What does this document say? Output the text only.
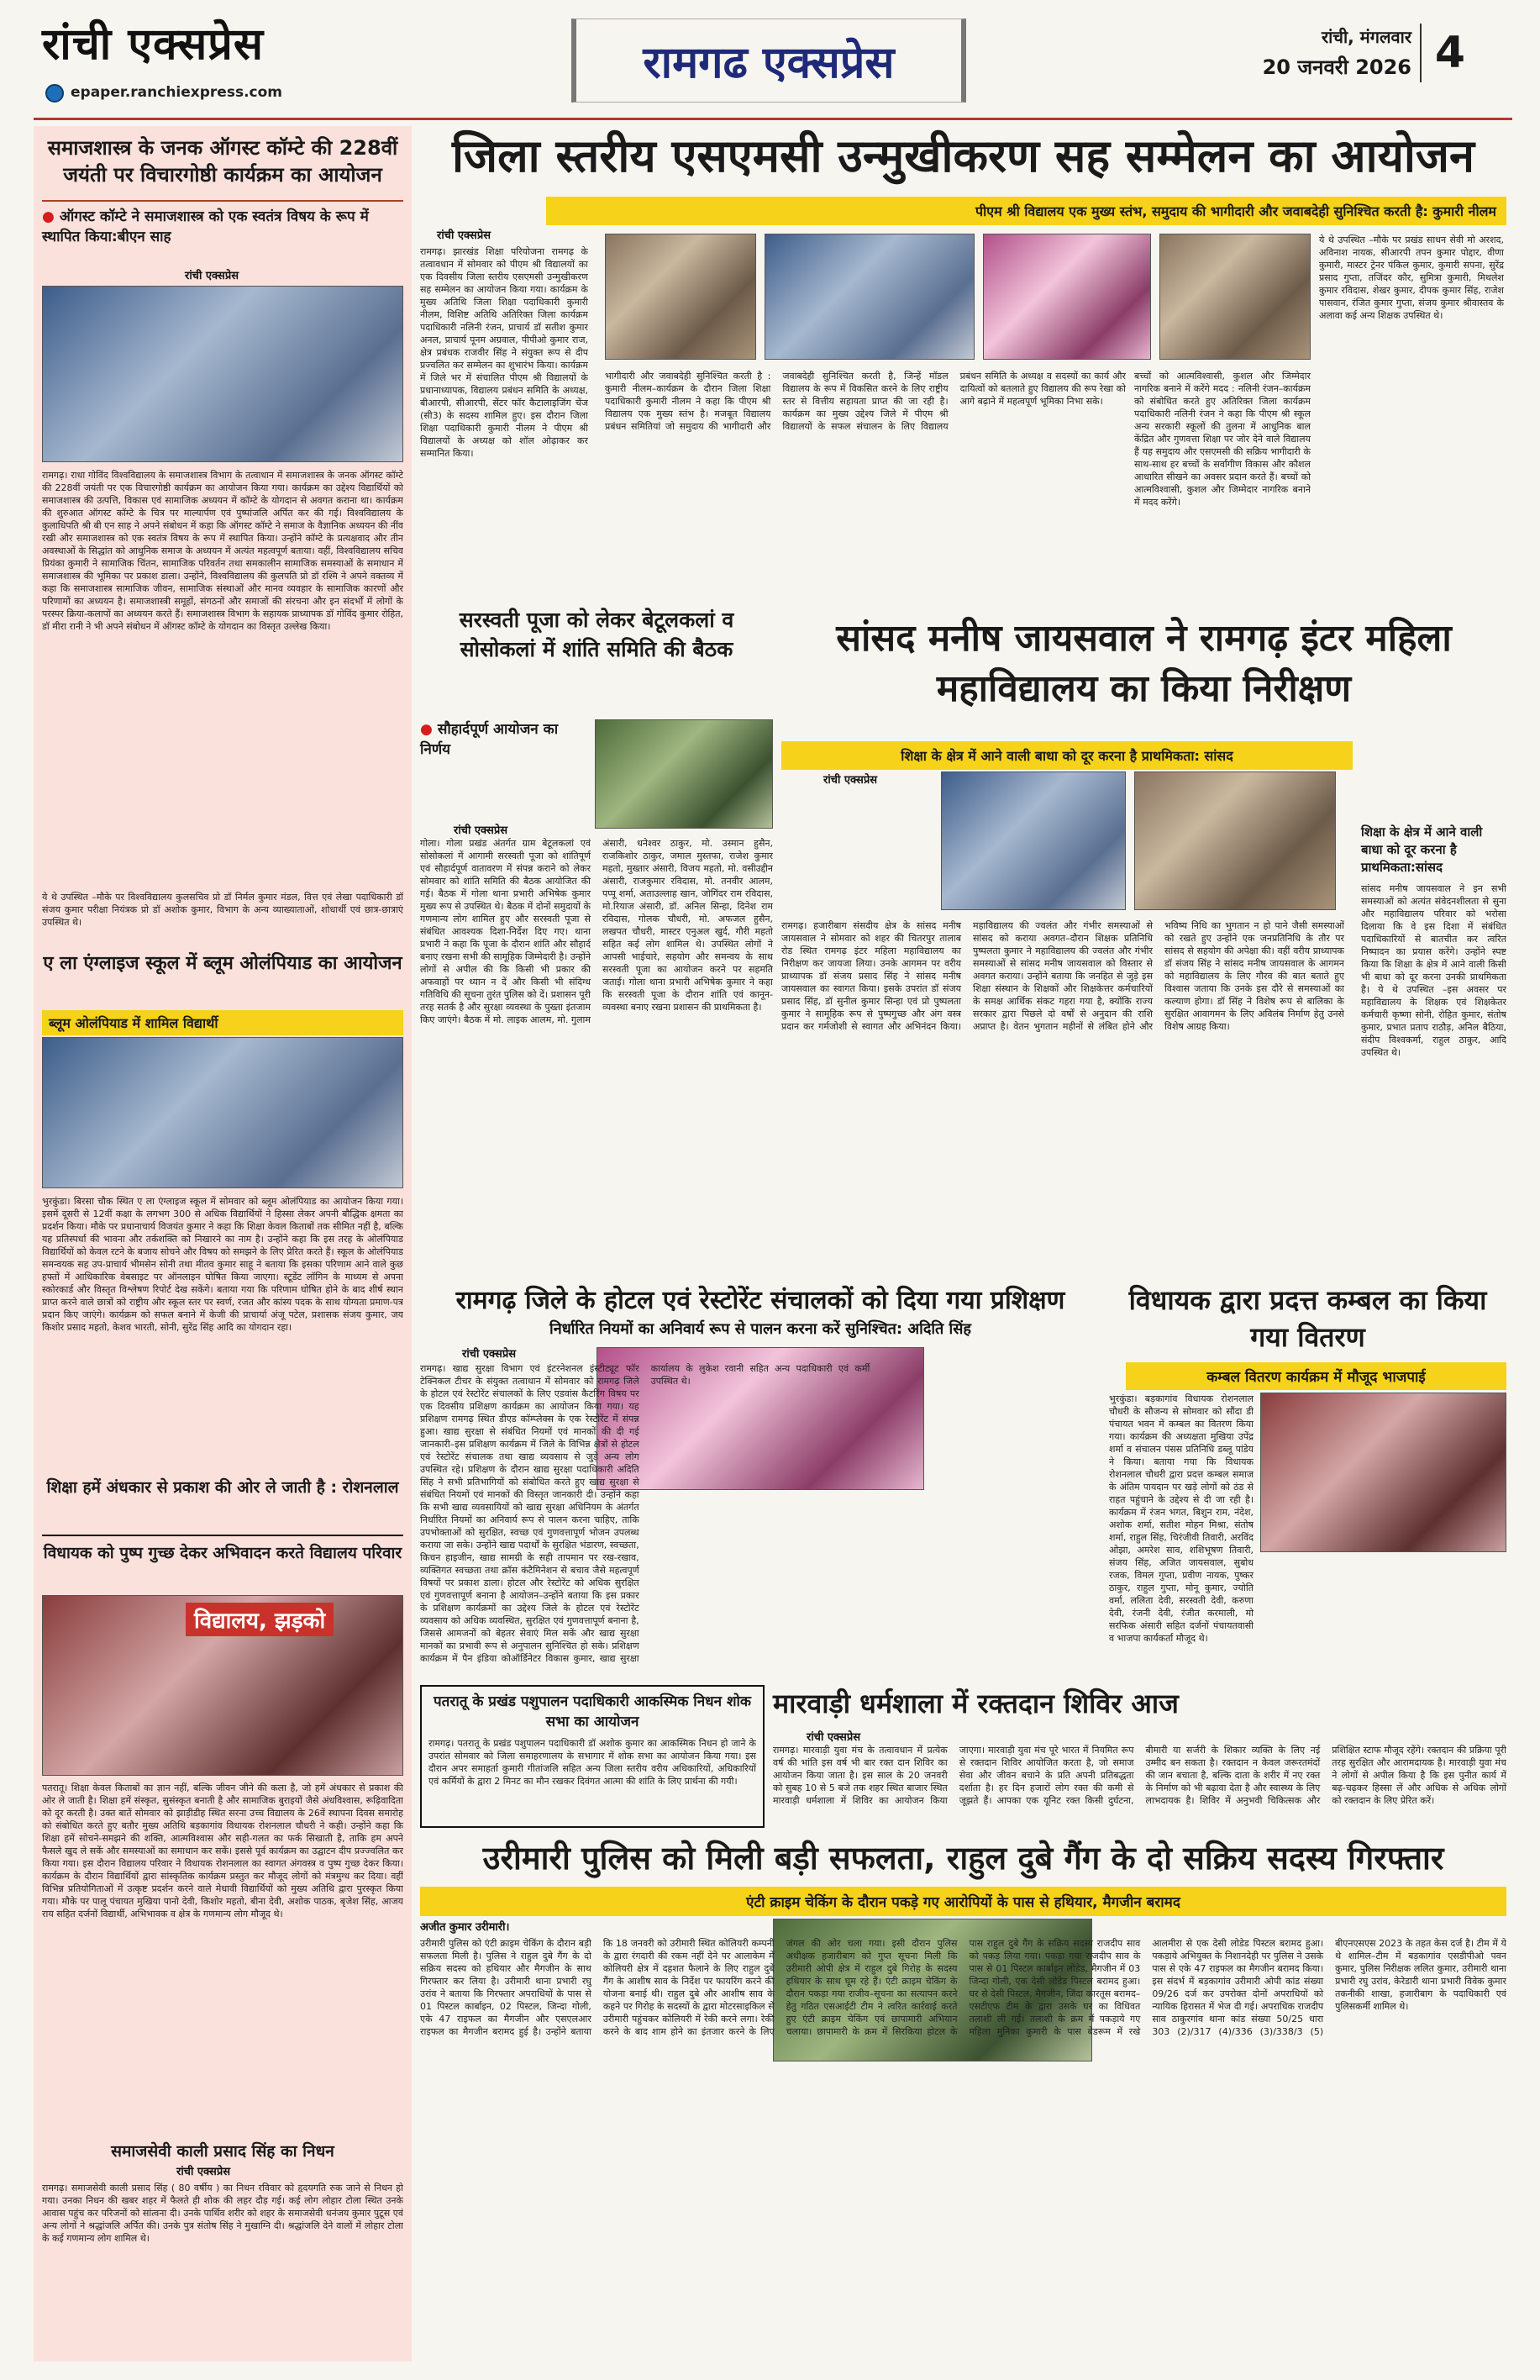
रांची एक्सप्रेस
epaper.ranchiexpress.com
रामगढ एक्सप्रेस	रांची, मंगलवार
20 जनवरी 2026 4
समाजशास्त्र के जनक ऑगस्ट कॉम्टे की 228वीं जयंती पर विचारगोष्ठी कार्यक्रम का आयोजन
● ऑगस्ट कॉम्टे ने समाजशास्त्र को एक स्वतंत्र विषय के रूप में स्थापित किया:बीएन साह
रांची एक्सप्रेस
रामगढ़। राधा गोविंद विश्वविद्यालय के समाजशास्त्र विभाग के तत्वाधान में समाजशास्त्र के जनक ऑगस्ट कॉम्टे की 228वीं जयंती पर एक विचारगोष्ठी कार्यक्रम का आयोजन किया गया। कार्यक्रम का उद्देश्य विद्यार्थियों को समाजशास्त्र की उत्पत्ति, विकास एवं सामाजिक अध्ययन में कॉम्टे के योगदान से अवगत कराना था। कार्यक्रम की शुरुआत ऑगस्ट कॉम्टे के चित्र पर माल्यार्पण एवं पुष्पांजलि अर्पित कर की गई। विश्वविद्यालय के कुलाधिपति श्री बी एन साह ने अपने संबोधन में कहा कि ऑगस्ट कॉम्टे ने समाज के वैज्ञानिक अध्ययन की नींव रखी और समाजशास्त्र को एक स्वतंत्र विषय के रूप में स्थापित किया। उन्होंने कॉम्टे के प्रत्यक्षवाद और तीन अवस्थाओं के सिद्धांत को आधुनिक समाज के अध्ययन में अत्यंत महत्वपूर्ण बताया। वहीं, विश्वविद्यालय सचिव प्रियंका कुमारी ने सामाजिक चिंतन, सामाजिक परिवर्तन तथा समकालीन सामाजिक समस्याओं के समाधान में समाजशास्त्र की भूमिका पर प्रकाश डाला। उन्होंने, विश्वविद्यालय की कुलपति प्रो डॉ रश्मि ने अपने वक्तव्य में कहा कि समाजशास्त्र सामाजिक जीवन, सामाजिक संस्थाओं और मानव व्यवहार के सामाजिक कारणों और परिणामों का अध्ययन है। समाजशास्त्री समूहों, संगठनों और समाजों की संरचना और इन संदर्भों में लोगों के परस्पर क्रिया-कलापों का अध्ययन करते हैं। समाजशास्त्र विभाग के सहायक प्राध्यापक डॉ गोविंद कुमार रोहित, डॉ मीरा रानी ने भी अपने संबोधन में ऑगस्ट कॉम्टे के योगदान का विस्तृत उल्लेख किया।
ये थे उपस्थित –मौके पर विश्वविद्यालय कुलसचिव प्रो डॉ निर्मल कुमार मंडल, वित्त एवं लेखा पदाधिकारी डॉ संजय कुमार परीक्षा नियंत्रक प्रो डॉ अशोक कुमार, विभाग के अन्य व्याख्याताओं, शोधार्थी एवं छात्र-छात्राएं उपस्थित थे।
ए ला एंग्लाइज स्कूल में ब्लूम ओलंपियाड का आयोजन
ब्लूम ओलंपियाड में शामिल विद्यार्थी
भुरकुंडा। बिरसा चौक स्थित ए ला एंग्लाइज स्कूल में सोमवार को ब्लूम ओलंपियाड का आयोजन किया गया। इसमें दूसरी से 12वीं कक्षा के लगभग 300 से अधिक विद्यार्थियों ने हिस्सा लेकर अपनी बौद्धिक क्षमता का प्रदर्शन किया। मौके पर प्रधानाचार्य विजयंत कुमार ने कहा कि शिक्षा केवल किताबों तक सीमित नहीं है, बल्कि यह प्रतिस्पर्धा की भावना और तर्कशक्ति को निखारने का नाम है। उन्होंने कहा कि इस तरह के ओलंपियाड विद्यार्थियों को केवल रटने के बजाय सोचने और विषय को समझने के लिए प्रेरित करते हैं। स्कूल के ओलंपियाड समन्वयक सह उप-प्राचार्य भीमसेन सोनी तथा मीतव कुमार साहू ने बताया कि इसका परिणाम आने वाले कुछ हफ्तों में आधिकारिक वेबसाइट पर ऑनलाइन घोषित किया जाएगा। स्टूडेंट लॉगिन के माध्यम से अपना स्कोरकार्ड और विस्तृत विश्लेषण रिपोर्ट देख सकेंगे। बताया गया कि परिणाम घोषित होने के बाद शीर्ष स्थान प्राप्त करने वाले छात्रों को राष्ट्रीय और स्कूल स्तर पर स्वर्ण, रजत और कांस्य पदक के साथ योग्यता प्रमाण-पत्र प्रदान किए जाएंगे। कार्यक्रम को सफल बनाने में केजी की प्राचार्या अंजू पटेल, प्रशासक संजय कुमार, जय किशोर प्रसाद महतो, केशव भारती, सोनी, सुरेंद्र सिंह आदि का योगदान रहा।
शिक्षा हमें अंधकार से प्रकाश की ओर ले जाती है : रोशनलाल
विधायक को पुष्प गुच्छ देकर अभिवादन करते विद्यालय परिवार
विद्यालय, झड़को
पतरातू। शिक्षा केवल किताबों का ज्ञान नहीं, बल्कि जीवन जीने की कला है, जो हमें अंधकार से प्रकाश की ओर ले जाती है। शिक्षा हमें संस्कृत, सुसंस्कृत बनाती है और सामाजिक बुराइयों जैसे अंधविश्वास, रूढ़िवादिता को दूर करती है। उक्त बातें सोमवार को झाड़ीडीह स्थित सरना उच्च विद्यालय के 26वें स्थापना दिवस समारोह को संबोधित करते हुए बतौर मुख्य अतिथि बड़कागांव विधायक रोशनलाल चौधरी ने कही। उन्होंने कहा कि शिक्षा हमें सोचने-समझने की शक्ति, आत्मविश्वास और सही-गलत का फर्क सिखाती है, ताकि हम अपने फैसले खुद ले सकें और समस्याओं का समाधान कर सकें। इससे पूर्व कार्यक्रम का उद्घाटन दीप प्रज्ज्वलित कर किया गया। इस दौरान विद्यालय परिवार ने विधायक रोशनलाल का स्वागत अंगवस्त्र व पुष्प गुच्छ देकर किया। कार्यक्रम के दौरान विद्यार्थियों द्वारा सांस्कृतिक कार्यक्रम प्रस्तुत कर मौजूद लोगों को मंत्रमुग्ध कर दिया। वहीं विभिन्न प्रतियोगिताओं में उत्कृष्ट प्रदर्शन करने वाले मेधावी विद्यार्थियों को मुख्य अतिथि द्वारा पुरस्कृत किया गया। मौके पर पालू पंचायत मुखिया पानो देवी, किशोर महतो, बीना देवी, अशोक पाठक, बृजेश सिंह, आजय राय सहित दर्जनों विद्यार्थी, अभिभावक व क्षेत्र के गणमान्य लोग मौजूद थे।
समाजसेवी काली प्रसाद सिंह का निधन
रांची एक्सप्रेस
रामगढ़। समाजसेवी काली प्रसाद सिंह ( 80 वर्षीय ) का निधन रविवार को हृदयगति रुक जाने से निधन हो गया। उनका निधन की खबर शहर में फैलते ही शोक की लहर दौड़ गई। कई लोग लोहार टोला स्थित उनके आवास पहुंच कर परिजनों को सांत्वना दी। उनके पार्थिव शरीर को शहर के समाजसेवी धनंजय कुमार पुटूस एवं अन्य लोगों ने श्रद्धांजलि अर्पित की। उनके पुत्र संतोष सिंह ने मुखाग्नि दी। श्रद्धांजलि देने वालों में लोहार टोला के कई गणमान्य लोग शामिल थे।
जिला स्तरीय एसएमसी उन्मुखीकरण सह सम्मेलन का आयोजन
पीएम श्री विद्यालय एक मुख्य स्तंभ, समुदाय की भागीदारी और जवाबदेही सुनिश्चित करती है: कुमारी नीलम
रांची एक्सप्रेस
रामगढ़। झारखंड शिक्षा परियोजना रामगढ़ के तत्वावधान में सोमवार को पीएम श्री विद्यालयों का एक दिवसीय जिला स्तरीय एसएमसी उन्मुखीकरण सह सम्मेलन का आयोजन किया गया। कार्यक्रम के मुख्य अतिथि जिला शिक्षा पदाधिकारी कुमारी नीलम, विशिष्ट अतिथि अतिरिक्त जिला कार्यक्रम पदाधिकारी नलिनी रंजन, प्राचार्य डॉ सतीश कुमार अनल, प्राचार्य पूनम अग्रवाल, पीपीओ कुमार राज, क्षेत्र प्रबंधक राजवीर सिंह ने संयुक्त रूप से दीप प्रज्वलित कर सम्मेलन का शुभारंभ किया। कार्यक्रम में जिले भर में संचालित पीएम श्री विद्यालयों के प्रधानाध्यापक, विद्यालय प्रबंधन समिति के अध्यक्ष, बीआरपी, सीआरपी, सेंटर फॉर कैटालाइजिंग चेंज (सी3) के सदस्य शामिल हुए। इस दौरान जिला शिक्षा पदाधिकारी कुमारी नीलम ने पीएम श्री विद्यालयों के अध्यक्ष को शॉल ओढ़ाकर कर सम्मानित किया।
भागीदारी और जवाबदेही सुनिश्चित करती है : कुमारी नीलम–कार्यक्रम के दौरान जिला शिक्षा पदाधिकारी कुमारी नीलम ने कहा कि पीएम श्री विद्यालय एक मुख्य स्तंभ है। मजबूत विद्यालय प्रबंधन समितियां जो समुदाय की भागीदारी और जवाबदेही सुनिश्चित करती है, जिन्हें मॉडल विद्यालय के रूप में विकसित करने के लिए राष्ट्रीय स्तर से वित्तीय सहायता प्राप्त की जा रही है। कार्यक्रम का मुख्य उद्देश्य जिले में पीएम श्री विद्यालयों के सफल संचालन के लिए विद्यालय प्रबंधन समिति के अध्यक्ष व सदस्यों का कार्य और दायित्वों को बतलाते हुए विद्यालय की रूप रेखा को आगे बढ़ाने में महत्वपूर्ण भूमिका निभा सके।
बच्चों को आत्मविश्वासी, कुशल और जिम्मेदार नागरिक बनाने में करेंगे मदद : नलिनी रंजन–कार्यक्रम को संबोधित करते हुए अतिरिक्त जिला कार्यक्रम पदाधिकारी नलिनी रंजन ने कहा कि पीएम श्री स्कूल अन्य सरकारी स्कूलों की तुलना में आधुनिक बाल केंद्रित और गुणवत्ता शिक्षा पर जोर देने वाले विद्यालय हैं यह समुदाय और एसएमसी की सक्रिय भागीदारी के साथ-साथ हर बच्चों के सर्वांगीण विकास और कौशल आधारित सीखने का अवसर प्रदान करते हैं। बच्चों को आत्मविश्वासी, कुशल और जिम्मेदार नागरिक बनाने में मदद करेंगे।
ये थे उपस्थित –मौके पर प्रखंड साधन सेवी मो अरशद, अविनाश नायक, सीआरपी तपन कुमार पोद्दार, वीणा कुमारी, मास्टर ट्रेनर पंकिल कुमार, कुमारी सपना, सुरेंद्र प्रसाद गुप्ता, तजिंदर कौर, सुमित्रा कुमारी, मिथलेश कुमार रविदास, शेखर कुमार, दीपक कुमार सिंह, राजेश पासवान, रंजित कुमार गुप्ता, संजय कुमार श्रीवास्तव के अलावा कई अन्य शिक्षक उपस्थित थे।
सरस्वती पूजा को लेकर बेटूलकलां व सोसोकलां में शांति समिति की बैठक
● सौहार्दपूर्ण आयोजन का निर्णय
रांची एक्सप्रेस
गोला। गोला प्रखंड अंतर्गत ग्राम बेटूलकलां एवं सोसोकलां में आगामी सरस्वती पूजा को शांतिपूर्ण एवं सौहार्दपूर्ण वातावरण में संपन्न कराने को लेकर सोमवार को शांति समिति की बैठक आयोजित की गई। बैठक में गोला थाना प्रभारी अभिषेक कुमार मुख्य रूप से उपस्थित थे। बैठक में दोनों समुदायों के गणमान्य लोग शामिल हुए और सरस्वती पूजा से संबंधित आवश्यक दिशा-निर्देश दिए गए। थाना प्रभारी ने कहा कि पूजा के दौरान शांति और सौहार्द बनाए रखना सभी की सामूहिक जिम्मेदारी है। उन्होंने लोगों से अपील की कि किसी भी प्रकार की अफवाहों पर ध्यान न दें और किसी भी संदिग्ध गतिविधि की सूचना तुरंत पुलिस को दें। प्रशासन पूरी तरह सतर्क है और सुरक्षा व्यवस्था के पुख्ता इंतजाम किए जाएंगे। बैठक में मो. लाइक आलम, मो. गुलाम अंसारी, धनेश्वर ठाकुर, मो. उस्मान हुसैन, राजकिशोर ठाकुर, जमाल मुस्तफा, राजेश कुमार महतो, मुख्तार अंसारी, विजय महतो, मो. वसीउद्दीन अंसारी, राजकुमार रविदास, मो. तनवीर आलम, पप्पू शर्मा, अताउल्लाह खान, जोगिंदर राम रविदास, मो.रियाज अंसारी, डॉ. अनिल सिन्हा, दिनेश राम रविदास, गोलक चौधरी, मो. अफजल हुसैन, लखपत चौधरी, मास्टर एनुअल खुर्द, गौरी महतो सहित कई लोग शामिल थे। उपस्थित लोगों ने आपसी भाईचारे, सहयोग और समन्वय के साथ सरस्वती पूजा का आयोजन करने पर सहमति जताई। गोला थाना प्रभारी अभिषेक कुमार ने कहा कि सरस्वती पूजा के दौरान शांति एवं कानून-व्यवस्था बनाए रखना प्रशासन की प्राथमिकता है।
सांसद मनीष जायसवाल ने रामगढ़ इंटर महिला महाविद्यालय का किया निरीक्षण
शिक्षा के क्षेत्र में आने वाली बाधा को दूर करना है प्राथमिकता: सांसद
रांची एक्सप्रेस
रामगढ़। हजारीबाग संसदीय क्षेत्र के सांसद मनीष जायसवाल ने सोमवार को शहर की चितरपुर तालाब रोड स्थित रामगढ़ इंटर महिला महाविद्यालय का निरीक्षण कर जायजा लिया। उनके आगमन पर वरीय प्राध्यापक डॉ संजय प्रसाद सिंह ने सांसद मनीष जायसवाल का स्वागत किया। इसके उपरांत डॉ संजय प्रसाद सिंह, डॉ सुनील कुमार सिन्हा एवं प्रो पुष्पलता कुमार ने सामूहिक रूप से पुष्पगुच्छ और अंग वस्त्र प्रदान कर गर्मजोशी से स्वागत और अभिनंदन किया। महाविद्यालय की ज्वलंत और गंभीर समस्याओं से सांसद को कराया अवगत–दौरान शिक्षक प्रतिनिधि पुष्पलता कुमार ने महाविद्यालय की ज्वलंत और गंभीर समस्याओं से सांसद मनीष जायसवाल को विस्तार से अवगत कराया। उन्होंने बताया कि जनहित से जुड़े इस शिक्षा संस्थान के शिक्षकों और शिक्षकेत्तर कर्मचारियों के समक्ष आर्थिक संकट गहरा गया है, क्योंकि राज्य सरकार द्वारा पिछले दो वर्षों से अनुदान की राशि अप्राप्त है। वेतन भुगतान महीनों से लंबित होने और भविष्य निधि का भुगतान न हो पाने जैसी समस्याओं को रखते हुए उन्होंने एक जनप्रतिनिधि के तौर पर सांसद से सहयोग की अपेक्षा की। वहीं वरीय प्राध्यापक डॉ संजय सिंह ने सांसद मनीष जायसवाल के आगमन को महाविद्यालय के लिए गौरव की बात बताते हुए विश्वास जताया कि उनके इस दौरे से समस्याओं का कल्याण होगा। डॉ सिंह ने विशेष रूप से बालिका के सुरक्षित आवागमन के लिए अविलंब निर्माण हेतु उनसे विशेष आग्रह किया।
शिक्षा के क्षेत्र में आने वाली बाधा को दूर करना है प्राथमिकता:सांसद
सांसद मनीष जायसवाल ने इन सभी समस्याओं को अत्यंत संवेदनशीलता से सुना और महाविद्यालय परिवार को भरोसा दिलाया कि वे इस दिशा में संबंधित पदाधिकारियों से बातचीत कर त्वरित निष्पादन का प्रयास करेंगे। उन्होंने स्पष्ट किया कि शिक्षा के क्षेत्र में आने वाली किसी भी बाधा को दूर करना उनकी प्राथमिकता है। ये थे उपस्थित –इस अवसर पर महाविद्यालय के शिक्षक एवं शिक्षकेतर कर्मचारी कृष्णा सोनी, रोहित कुमार, संतोष कुमार, प्रभात प्रताप राठौड़, अनिल बैठिया, संदीप विश्वकर्मा, राहुल ठाकुर, आदि उपस्थित थे।
रामगढ़ जिले के होटल एवं रेस्टोरेंट संचालकों को दिया गया प्रशिक्षण
निर्धारित नियमों का अनिवार्य रूप से पालन करना करें सुनिश्चित: अदिति सिंह
रांची एक्सप्रेस
रामगढ़। खाद्य सुरक्षा विभाग एवं इंटरनेशनल इंस्टीट्यूट फॉर टेक्निकल टीचर के संयुक्त तत्वाधान में सोमवार को रामगढ़ जिले के होटल एवं रेस्टोरेंट संचालकों के लिए एडवांस कैटरिंग विषय पर एक दिवसीय प्रशिक्षण कार्यक्रम का आयोजन किया गया। यह प्रशिक्षण रामगढ़ स्थित डीएड कॉम्प्लेक्स के एक रेस्टोरेंट में संपन्न हुआ। खाद्य सुरक्षा से संबंधित नियमों एवं मानकों की दी गई जानकारी–इस प्रशिक्षण कार्यक्रम में जिले के विभिन्न क्षेत्रों से होटल एवं रेस्टोरेंट संचालक तथा खाद्य व्यवसाय से जुड़े अन्य लोग उपस्थित रहे। प्रशिक्षण के दौरान खाद्य सुरक्षा पदाधिकारी अदिति सिंह ने सभी प्रतिभागियों को संबोधित करते हुए खाद्य सुरक्षा से संबंधित नियमों एवं मानकों की विस्तृत जानकारी दी। उन्होंने कहा कि सभी खाद्य व्यवसायियों को खाद्य सुरक्षा अधिनियम के अंतर्गत निर्धारित नियमों का अनिवार्य रूप से पालन करना चाहिए, ताकि उपभोक्ताओं को सुरक्षित, स्वच्छ एवं गुणवत्तापूर्ण भोजन उपलब्ध कराया जा सके। उन्होंने खाद्य पदार्थों के सुरक्षित भंडारण, स्वच्छता, किचन हाइजीन, खाद्य सामग्री के सही तापमान पर रख-रखाव, व्यक्तिगत स्वच्छता तथा क्रॉस कंटैमिनेशन से बचाव जैसे महत्वपूर्ण विषयों पर प्रकाश डाला। होटल और रेस्टोरेंट को अधिक सुरक्षित एवं गुणवत्तापूर्ण बनाना है आयोजन–उन्होंने बताया कि इस प्रकार के प्रशिक्षण कार्यक्रमों का उद्देश्य जिले के होटल एवं रेस्टोरेंट व्यवसाय को अधिक व्यवस्थित, सुरक्षित एवं गुणवत्तापूर्ण बनाना है, जिससे आमजनों को बेहतर सेवाएं मिल सकें और खाद्य सुरक्षा मानकों का प्रभावी रूप से अनुपालन सुनिश्चित हो सके। प्रशिक्षण कार्यक्रम में पैन इंडिया कोऑर्डिनेटर विकास कुमार, खाद्य सुरक्षा कार्यालय के लुकेश रवानी सहित अन्य पदाधिकारी एवं कर्मी उपस्थित थे।
विधायक द्वारा प्रदत्त कम्बल का किया गया वितरण
कम्बल वितरण कार्यक्रम में मौजूद भाजपाई
भुरकुंडा। बड़कागांव विधायक रोशनलाल चौधरी के सौजन्य से सोमवार को सौंदा डी पंचायत भवन में कम्बल का वितरण किया गया। कार्यक्रम की अध्यक्षता मुखिया उपेंद्र शर्मा व संचालन पंसस प्रतिनिधि डब्लू पांडेय ने किया। बताया गया कि विधायक रोशनलाल चौधरी द्वारा प्रदत्त कम्बल समाज के अंतिम पायदान पर खड़े लोगों को ठंड से राहत पहुंचाने के उद्देश्य से दी जा रही है। कार्यक्रम में रंजन भगत, बिशुन राम, नंदेश, अशोक शर्मा, सतीश मोहन मिश्रा, संतोष शर्मा, राहुल सिंह, चिरंजीवी तिवारी, अरविंद ओझा, अमरेश साव, शशिभूषण तिवारी, संजय सिंह, अजित जायसवाल, सुबोध रजक, विमल गुप्ता, प्रवीण नायक, पुष्कर ठाकुर, राहुल गुप्ता, मोनू कुमार, ज्योति वर्मा, ललिता देवी, सरस्वती देवी, करुणा देवी, रंजनी देवी, रंजीत करमाली, मो सरफिक अंसारी सहित दर्जनों पंचायतवासी व भाजपा कार्यकर्ता मौजूद थे।
पतरातू के प्रखंड पशुपालन पदाधिकारी आकस्मिक निधन शोक सभा का आयोजन
रामगढ़। पतरातू के प्रखंड पशुपालन पदाधिकारी डॉ अशोक कुमार का आकस्मिक निधन हो जाने के उपरांत सोमवार को जिला समाहरणालय के सभागार में शोक सभा का आयोजन किया गया। इस दौरान अपर समाहर्ता कुमारी गीतांजलि सहित अन्य जिला स्तरीय वरीय अधिकारियों, अधिकारियों एवं कर्मियों के द्वारा 2 मिनट का मौन रखकर दिवंगत आत्मा की शांति के लिए प्रार्थना की गयी।
मारवाड़ी धर्मशाला में रक्तदान शिविर आज
रांची एक्सप्रेस
रामगढ़। मारवाड़ी युवा मंच के तत्वावधान में प्रत्येक वर्ष की भांति इस वर्ष भी बार रक्त दान शिविर का आयोजन किया जाता है। इस साल के 20 जनवरी को सुबह 10 से 5 बजे तक शहर स्थित बाजार स्थित मारवाड़ी धर्मशाला में शिविर का आयोजन किया जाएगा। मारवाड़ी युवा मंच पूरे भारत में नियमित रूप से रक्तदान शिविर आयोजित करता है, जो समाज सेवा और जीवन बचाने के प्रति अपनी प्रतिबद्धता दर्शाता है। हर दिन हजारों लोग रक्त की कमी से जूझते हैं। आपका एक यूनिट रक्त किसी दुर्घटना, बीमारी या सर्जरी के शिकार व्यक्ति के लिए नई उम्मीद बन सकता है। रक्तदान न केवल जरूरतमंदों की जान बचाता है, बल्कि दाता के शरीर में नए रक्त के निर्माण को भी बढ़ावा देता है और स्वास्थ्य के लिए लाभदायक है। शिविर में अनुभवी चिकित्सक और प्रशिक्षित स्टाफ मौजूद रहेंगे। रक्तदान की प्रक्रिया पूरी तरह सुरक्षित और आरामदायक है। मारवाड़ी युवा मंच ने लोगों से अपील किया है कि इस पुनीत कार्य में बढ़-चढ़कर हिस्सा लें और अधिक से अधिक लोगों को रक्तदान के लिए प्रेरित करें।
उरीमारी पुलिस को मिली बड़ी सफलता, राहुल दुबे गैंग के दो सक्रिय सदस्य गिरफ्तार
एंटी क्राइम चेकिंग के दौरान पकड़े गए आरोपियों के पास से हथियार, मैगजीन बरामद
अजीत कुमार उरीमारी।
उरीमारी पुलिस को एंटी क्राइम चेकिंग के दौरान बड़ी सफलता मिली है। पुलिस ने राहुल दुबे गैंग के दो सक्रिय सदस्य को हथियार और मैगजीन के साथ गिरफ्तार कर लिया है। उरीमारी थाना प्रभारी रघु उरांव ने बताया कि गिरफ्तार अपराधियों के पास से 01 पिस्टल कार्बाइन, 02 पिस्टल, जिन्दा गोली, एके 47 राइफल का मैगजीन और एसएलआर राइफल का मैगजीन बरामद हुई है। उन्होंने बताया कि 18 जनवरी को उरीमारी स्थित कोलियरी कम्पनी के द्वारा रंगदारी की रकम नहीं देने पर आलाकेम में कोलियरी क्षेत्र में दहशत फैलाने के लिए राहुल दुबे गैंग के आशीष साव के निर्देश पर फायरिंग करने की योजना बनाई थी। राहुल दुबे और आशीष साव के कहने पर गिरोह के सदस्यों के द्वारा मोटरसाइकिल से उरीमारी पहुंचकर कोलियरी में रेकी करने लगा। रेकी करने के बाद शाम होने का इंतजार करने के लिए जंगल की ओर चला गया। इसी दौरान पुलिस अधीक्षक हजारीबाग को गुप्त सूचना मिली कि उरीमारी ओपी क्षेत्र में राहुल दुबे गिरोह के सदस्य हथियार के साथ घूम रहे हैं। एंटी क्राइम चेकिंग के दौरान पकड़ा गया राजीव–सूचना का सत्यापन करने हेतु गठित एसआईटी टीम ने त्वरित कार्रवाई करते हुए एंटी क्राइम चेकिंग एवं छापामारी अभियान चलाया। छापामारी के क्रम में सिरकिया होटल के पास राहुल दुबे गैंग के सक्रिय सदस्य राजदीप साव को पकड़ लिया गया। पकड़ा गया राजदीप साव के पास से 01 पिस्टल कार्बाइन लोडेड, मैगजीन में 03 जिन्दा गोली, एक देसी लोडेड पिस्टल बरामद हुआ। घर से देसी पिस्टल, मैगजीन, जिंदा कारतूस बरामद–एसटीएफ टीम के द्वारा उसके घर का विधिवत तलाशी ली गई। तलाशी के क्रम में पकड़ाये गए महिला मुनिका कुमारी के पास बेडरूम में रखे आलमीरा से एक देसी लोडेड पिस्टल बरामद हुआ। पकड़ाये अभियुक्त के निशानदेही पर पुलिस ने उसके पास से एके 47 राइफल का मैगजीन बरामद किया। इस संदर्भ में बड़कागांव उरीमारी ओपी कांड संख्या 09/26 दर्ज कर उपरोक्त दोनों अपराधियों को न्यायिक हिरासत में भेज दी गई। अपराधिक राजदीप साव ठाकुरगांव थाना कांड संख्या 50/25 धारा 303 (2)/317 (4)/336 (3)/338/3 (5) बीएनएसएस 2023 के तहत केस दर्ज है। टीम में ये थे शामिल–टीम में बड़कागांव एसडीपीओ पवन कुमार, पुलिस निरीक्षक ललित कुमार, उरीमारी थाना प्रभारी रघु उरांव, केरेडारी थाना प्रभारी विवेक कुमार तकनीकी शाखा, हजारीबाग के पदाधिकारी एवं पुलिसकर्मी शामिल थे।
